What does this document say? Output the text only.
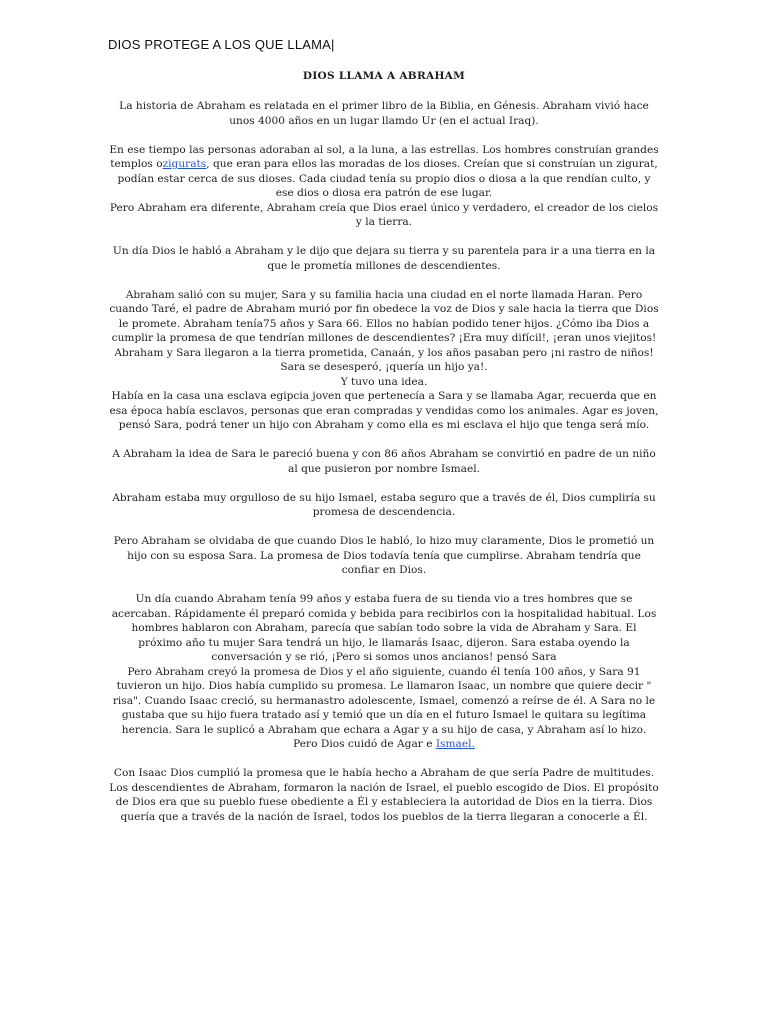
DIOS PROTEGE A LOS QUE LLAMA|
DIOS LLAMA A ABRAHAM

La historia de Abraham es relatada en el primer libro de la Biblia, en Génesis. Abraham vivió hace unos 4000 años en un lugar llamdo Ur (en el actual Iraq).

En ese tiempo las personas adoraban al sol, a la luna, a las estrellas. Los hombres construían grandes templos ozigurats, que eran para ellos las moradas de los dioses. Creían que si construían un zigurat, podían estar cerca de sus dioses. Cada ciudad tenía su propio dios o diosa a la que rendían culto, y ese dios o diosa era patrón de ese lugar.

Pero Abraham era diferente, Abraham creía que Dios erael único y verdadero, el creador de los cielos y la tierra.

Un día Dios le habló a Abraham y le dijo que dejara su tierra y su parentela para ir a una tierra en la que le prometía millones de descendientes.

Abraham salió con su mujer, Sara y su familia hacia una ciudad en el norte llamada Haran. Pero cuando Taré, el padre de Abraham murió por fin obedece la voz de Dios y sale hacia la tierra que Dios le promete. Abraham tenía75 años y Sara 66. Ellos no habían podido tener hijos. ¿Cómo iba Dios a cumplir la promesa de que tendrían millones de descendientes? ¡Era muy difícil!, ¡eran unos viejitos! Abraham y Sara llegaron a la tierra prometida, Canaán, y los años pasaban pero ¡ni rastro de niños! Sara se desesperó, ¡quería un hijo ya!.

Y tuvo una idea.

Había en la casa una esclava egipcia joven que pertenecía a Sara y se llamaba Agar, recuerda que en esa época había esclavos, personas que eran compradas y vendidas como los animales. Agar es joven, pensó Sara, podrá tener un hijo con Abraham y como ella es mi esclava el hijo que tenga será mío.

A Abraham la idea de Sara le pareció buena y con 86 años Abraham se convirtió en padre de un niño al que pusieron por nombre Ismael.

Abraham estaba muy orgulloso de su hijo Ismael, estaba seguro que a través de él, Dios cumpliría su promesa de descendencia.

Pero Abraham se olvidaba de que cuando Dios le habló, lo hizo muy claramente, Dios le prometió un hijo con su esposa Sara. La promesa de Dios todavía tenía que cumplirse. Abraham tendría que confiar en Dios.

Un día cuando Abraham tenía 99 años y estaba fuera de su tienda vio a tres hombres que se acercaban. Rápidamente él preparó comida y bebida para recibirlos con la hospitalidad habitual. Los hombres hablaron con Abraham, parecía que sabían todo sobre la vida de Abraham y Sara. El próximo año tu mujer Sara tendrá un hijo, le llamarás Isaac, dijeron. Sara estaba oyendo la conversación y se rió, ¡Pero si somos unos ancianos! pensó Sara

Pero Abraham creyó la promesa de Dios y el año siguiente, cuando él tenía 100 años, y Sara 91 tuvieron un hijo. Dios había cumplido su promesa. Le llamaron Isaac, un nombre que quiere decir " risa". Cuando Isaac creció, su hermanastro adolescente, Ismael, comenzó a reírse de él. A Sara no le gustaba que su hijo fuera tratado así y temió que un día en el futuro Ismael le quitara su legítima herencia. Sara le suplicó a Abraham que echara a Agar y a su hijo de casa, y Abraham así lo hizo. Pero Dios cuidó de Agar e Ismael.

Con Isaac Dios cumplió la promesa que le había hecho a Abraham de que sería Padre de multitudes. Los descendientes de Abraham, formaron la nación de Israel, el pueblo escogido de Dios. El propósito de Dios era que su pueblo fuese obediente a Él y estableciera la autoridad de Dios en la tierra. Dios quería que a través de la nación de Israel, todos los pueblos de la tierra llegaran a conocerle a Él.
